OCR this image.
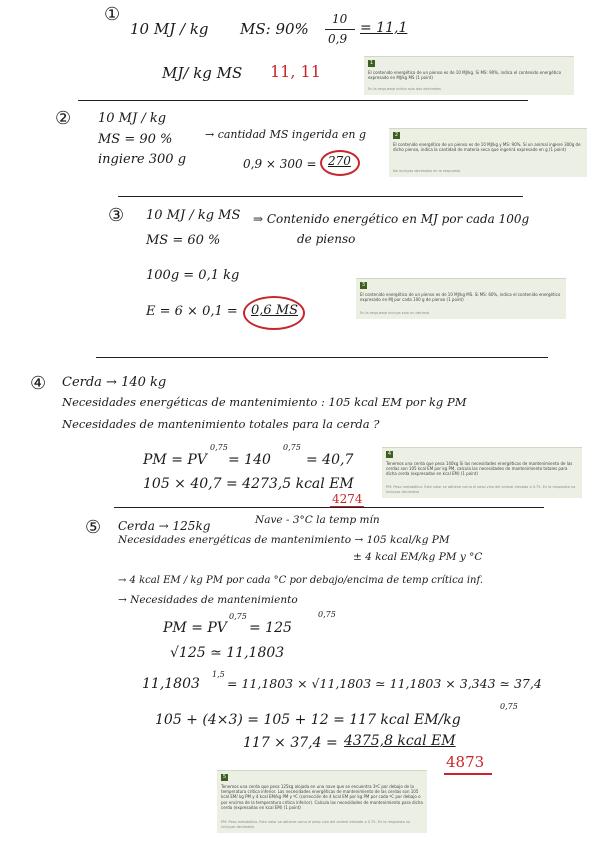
①
10 MJ / kg MS: 90%
10
0,9
= 11,1
MJ/ kg MS 11, 11	1
El contenido energético de un pienso es de 10 MJ/kg. Si MS: 90%, indica el contenido energético expresado en MJ/kg MS (1 point)
En la respuesta indica solo dos decimales
② 10 MJ / kg
MS = 90 %
ingiere 300 g
→ cantidad MS ingerida en g
0,9 × 300 = 270
2
El contenido energético de un pienso es de 10 MJ/kg y MS: 90%. Si un animal ingiere 300g de dicho pienso, indica la cantidad de materia seca que ingerirá expresado en g (1 point)
No incluyas decimales en la respuesta
③ 10 MJ / kg MS
MS = 60 %
⇒ Contenido energético en MJ por cada 100g
de pienso
100g = 0,1 kg
E = 6 × 0,1 = 0,6 MS
3
El contenido energético de un pienso es de 10 MJ/kg MS. Si MS: 60%, indica el contenido energético expresado en MJ por cada 100 g de pienso (1 point)
En la respuesta incluye solo un decimal
④ Cerda → 140 kg
Necesidades energéticas de mantenimiento : 105 kcal EM por kg PM
Necesidades de mantenimiento totales para la cerda ?
PM = PV
0,75
= 140
0,75
= 40,7
105 × 40,7 = 4273,5 kcal EM
4274
4
Tenemos una cerda que pesa 140kg Si las necesidades energéticas de mantenimiento de las cerdas son 105 kcal EM por kg PM, calcula las necesidades de mantenimiento totales para dicha cerda (expresadas en kcal EM) (1 point)
PM: Peso metabólico. Este valor se obtiene como el peso vivo del animal elevado a 0.75. En la respuesta no incluyas decimales
⑤ Cerda → 125kg	Nave - 3°C la temp mín
Necesidades energéticas de mantenimiento → 105 kcal/kg PM
± 4 kcal EM/kg PM y °C
→ 4 kcal EM / kg PM por cada °C por debajo/encima de temp crítica inf.
→ Necesidades de mantenimiento
PM = PV
0,75
= 125
0,75
√125 ≃ 11,1803
11,1803
1,5
= 11,1803 × √11,1803 ≃ 11,1803 × 3,343 ≃ 37,4
105 + (4×3) = 105 + 12 = 117 kcal EM/kg
0,75
117 × 37,4 = 4375,8 kcal EM
4873
5
Tenemos una cerda que pesa 125kg alojada en una nave que se encuentra 3ºC por debajo de la temperatura crítica inferior. Las necesidades energéticas de mantenimiento de las cerdas son 105 kcal EM/ kg PM y 4 kcal EM/kg PM y ºC (corrección de 4 kcal EM por kg PM por cada ºC por debajo o por encima de la temperatura crítica inferior). Calcula las necesidades de mantenimiento para dicha cerda (expresadas en kcal EM) (1 point)
PM: Peso metabólico. Este valor se obtiene como el peso vivo del animal elevado a 0.75. En la respuesta no incluyas decimales
